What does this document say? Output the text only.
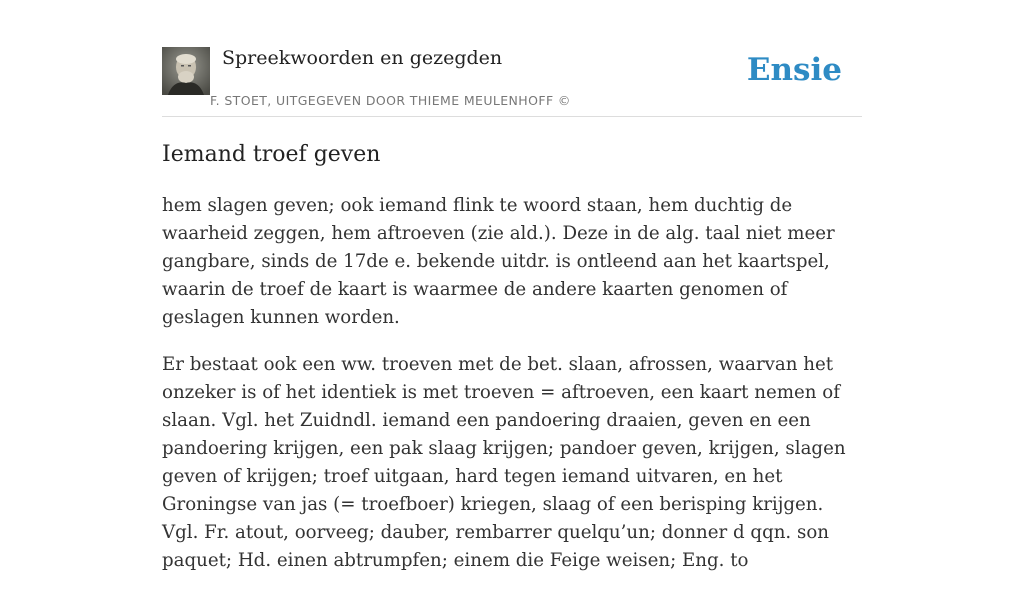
Spreekwoorden en gezegden
F. STOET, UITGEGEVEN DOOR THIEME MEULENHOFF ©
Ensie
Iemand troef geven

hem slagen geven; ook iemand flink te woord staan, hem duchtig de waarheid zeggen, hem aftroeven (zie ald.). Deze in de alg. taal niet meer gangbare, sinds de 17de e. bekende uitdr. is ontleend aan het kaartspel, waarin de troef de kaart is waarmee de andere kaarten genomen of geslagen kunnen worden.

Er bestaat ook een ww. troeven met de bet. slaan, afrossen, waarvan het onzeker is of het identiek is met troeven = aftroeven, een kaart nemen of slaan. Vgl. het Zuidndl. iemand een pandoering draaien, geven en een pandoering krijgen, een pak slaag krijgen; pandoer geven, krijgen, slagen geven of krijgen; troef uitgaan, hard tegen iemand uitvaren, en het Groningse van jas (= troefboer) kriegen, slaag of een berisping krijgen. Vgl. Fr. atout, oorveeg; dauber, rembarrer quelqu’un; donner d qqn. son paquet; Hd. einen abtrumpfen; einem die Feige weisen; Eng. to
